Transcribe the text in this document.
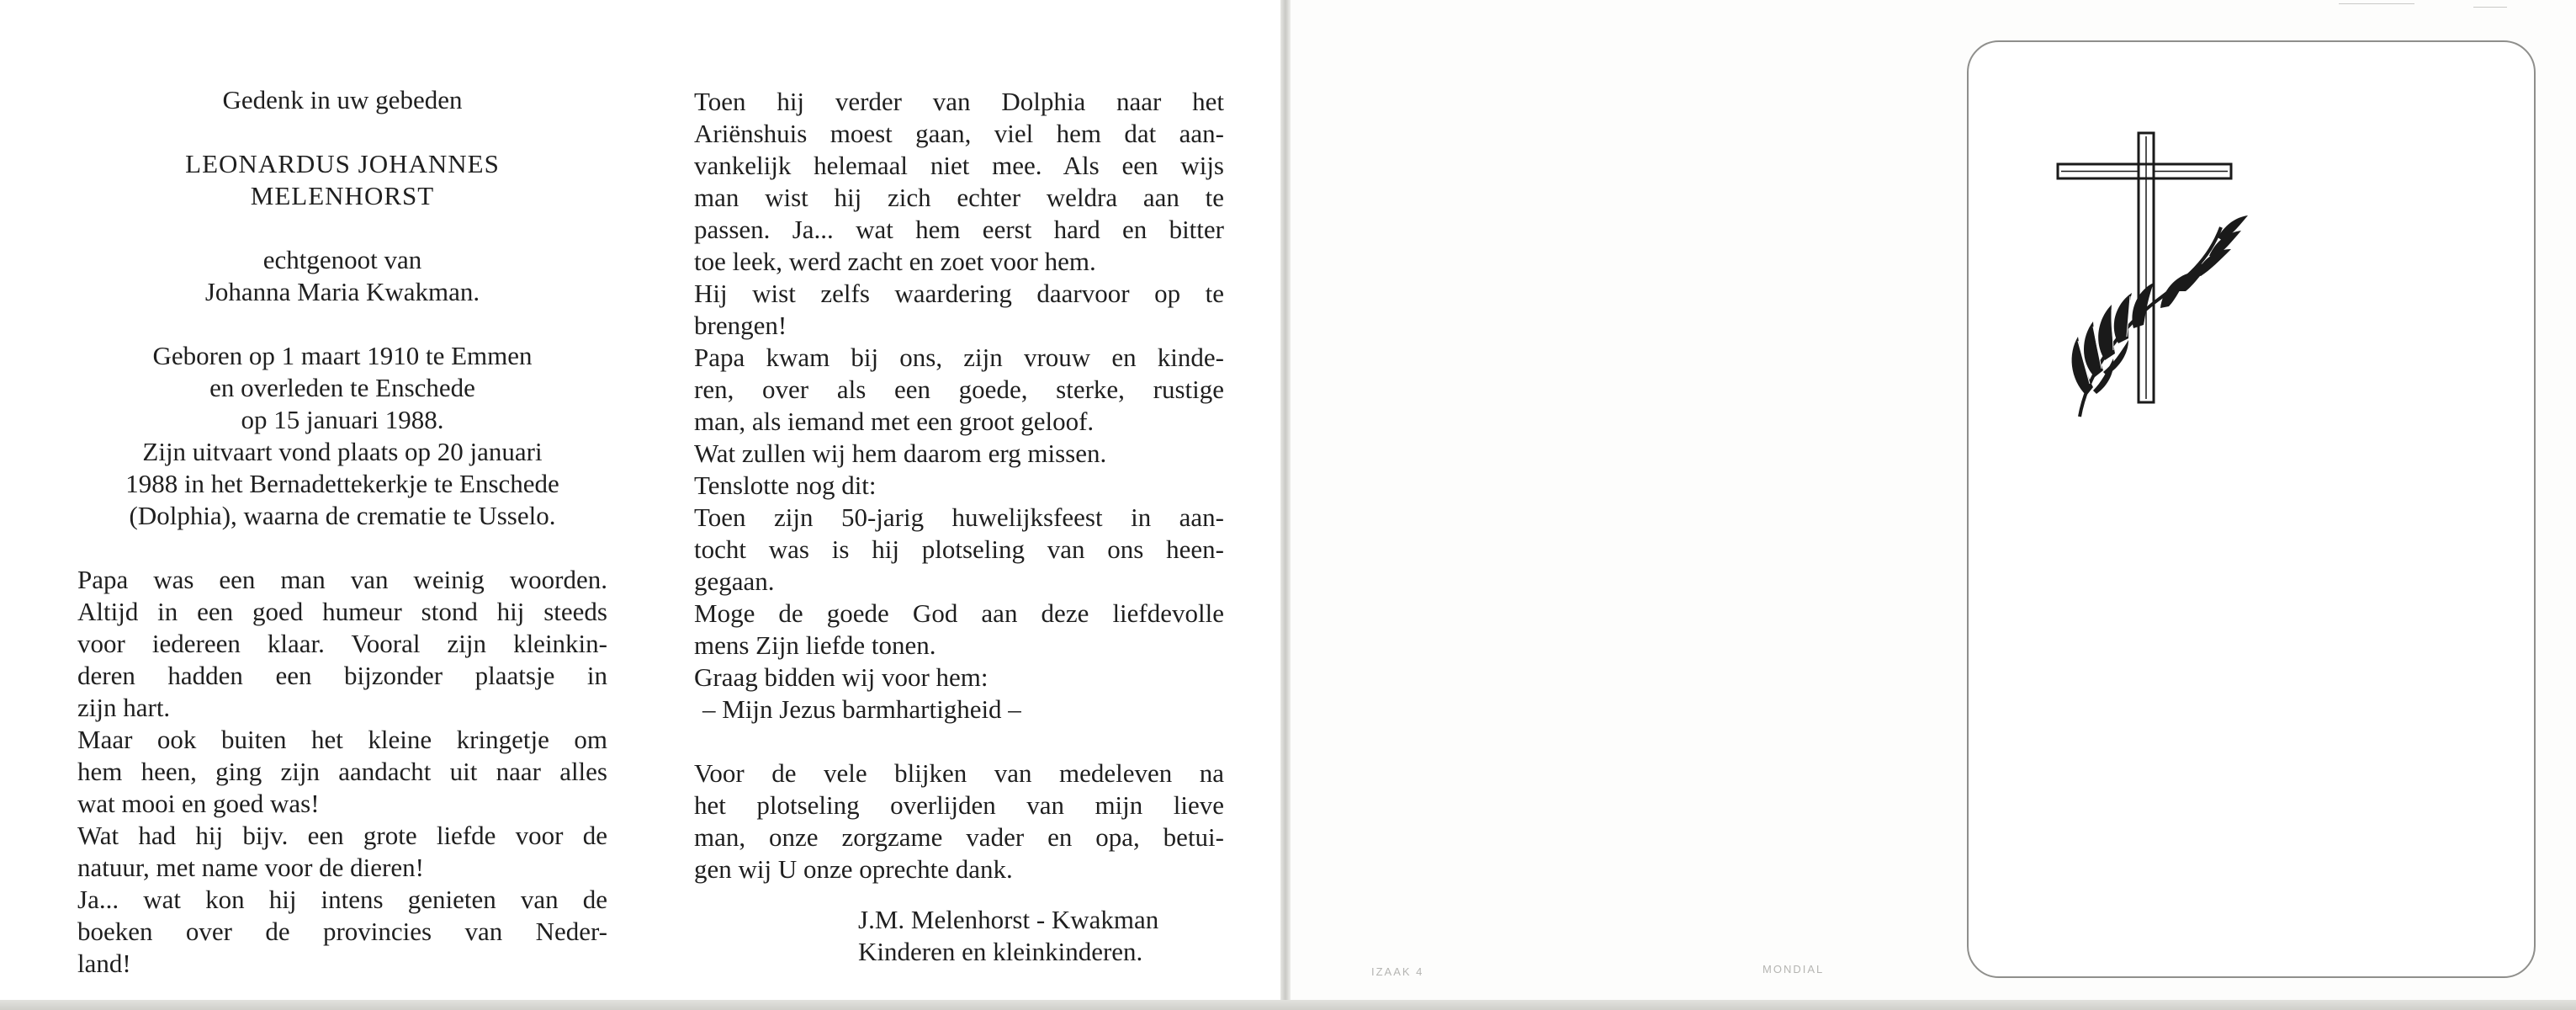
Gedenk in uw gebeden
LEONARDUS JOHANNES
MELENHORST
echtgenoot van
Johanna Maria Kwakman.
Geboren op 1 maart 1910 te Emmen
en overleden te Enschede
op 15 januari 1988.
Zijn uitvaart vond plaats op 20 januari
1988 in het Bernadettekerkje te Enschede
(Dolphia), waarna de crematie te Usselo.
Papa was een man van weinig woorden.
Altijd in een goed humeur stond hij steeds
voor iedereen klaar. Vooral zijn kleinkin-
deren hadden een bijzonder plaatsje in
zijn hart.
Maar ook buiten het kleine kringetje om
hem heen, ging zijn aandacht uit naar alles
wat mooi en goed was!
Wat had hij bijv. een grote liefde voor de
natuur, met name voor de dieren!
Ja... wat kon hij intens genieten van de
boeken over de provincies van Neder-
land!
Toen hij verder van Dolphia naar het
Ariënshuis moest gaan, viel hem dat aan-
vankelijk helemaal niet mee. Als een wijs
man wist hij zich echter weldra aan te
passen. Ja... wat hem eerst hard en bitter
toe leek, werd zacht en zoet voor hem.
Hij wist zelfs waardering daarvoor op te
brengen!
Papa kwam bij ons, zijn vrouw en kinde-
ren, over als een goede, sterke, rustige
man, als iemand met een groot geloof.
Wat zullen wij hem daarom erg missen.
Tenslotte nog dit:
Toen zijn 50-jarig huwelijksfeest in aan-
tocht was is hij plotseling van ons heen-
gegaan.
Moge de goede God aan deze liefdevolle
mens Zijn liefde tonen.
Graag bidden wij voor hem:
– Mijn Jezus barmhartigheid –
Voor de vele blijken van medeleven na
het plotseling overlijden van mijn lieve
man, onze zorgzame vader en opa, betui-
gen wij U onze oprechte dank.
J.M. Melenhorst - Kwakman
Kinderen en kleinkinderen.
IZAAK 4	MONDIAL
